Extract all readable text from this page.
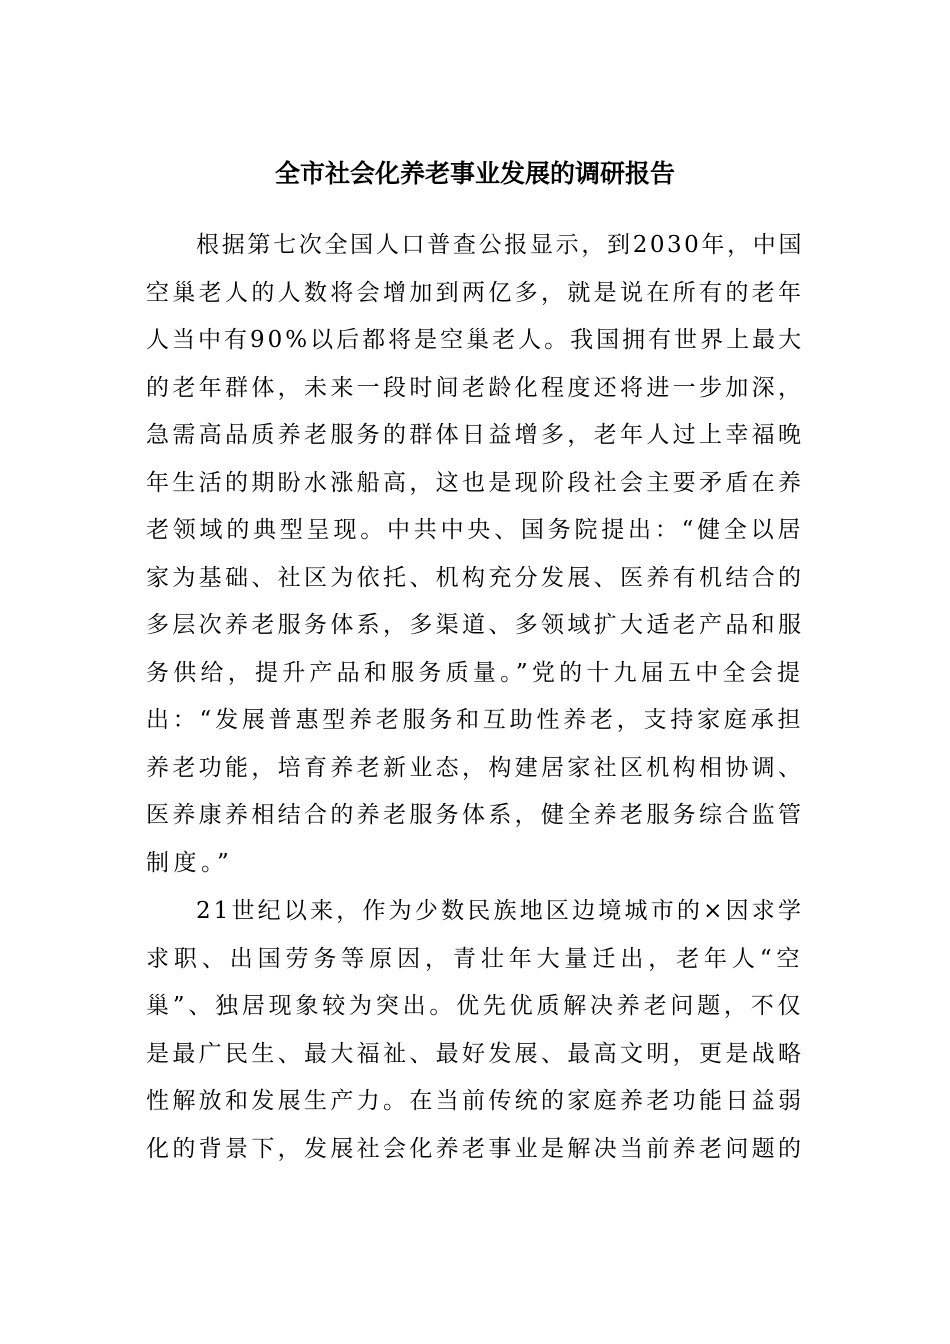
全市社会化养老事业发展的调研报告
根据第七次全国人口普查公报显示，到2030年，中国
空巢老人的人数将会增加到两亿多，就是说在所有的老年
人当中有90%以后都将是空巢老人。我国拥有世界上最大
的老年群体，未来一段时间老龄化程度还将进一步加深，
急需高品质养老服务的群体日益增多，老年人过上幸福晚
年生活的期盼水涨船高，这也是现阶段社会主要矛盾在养
老领域的典型呈现。中共中央、国务院提出：“健全以居
家为基础、社区为依托、机构充分发展、医养有机结合的
多层次养老服务体系，多渠道、多领域扩大适老产品和服
务供给，提升产品和服务质量。”党的十九届五中全会提
出：“发展普惠型养老服务和互助性养老，支持家庭承担
养老功能，培育养老新业态，构建居家社区机构相协调、
医养康养相结合的养老服务体系，健全养老服务综合监管
制度。”
21世纪以来，作为少数民族地区边境城市的×因求学
求职、出国劳务等原因，青壮年大量迁出，老年人“空
巢”、独居现象较为突出。优先优质解决养老问题，不仅
是最广民生、最大福祉、最好发展、最高文明，更是战略
性解放和发展生产力。在当前传统的家庭养老功能日益弱
化的背景下，发展社会化养老事业是解决当前养老问题的
